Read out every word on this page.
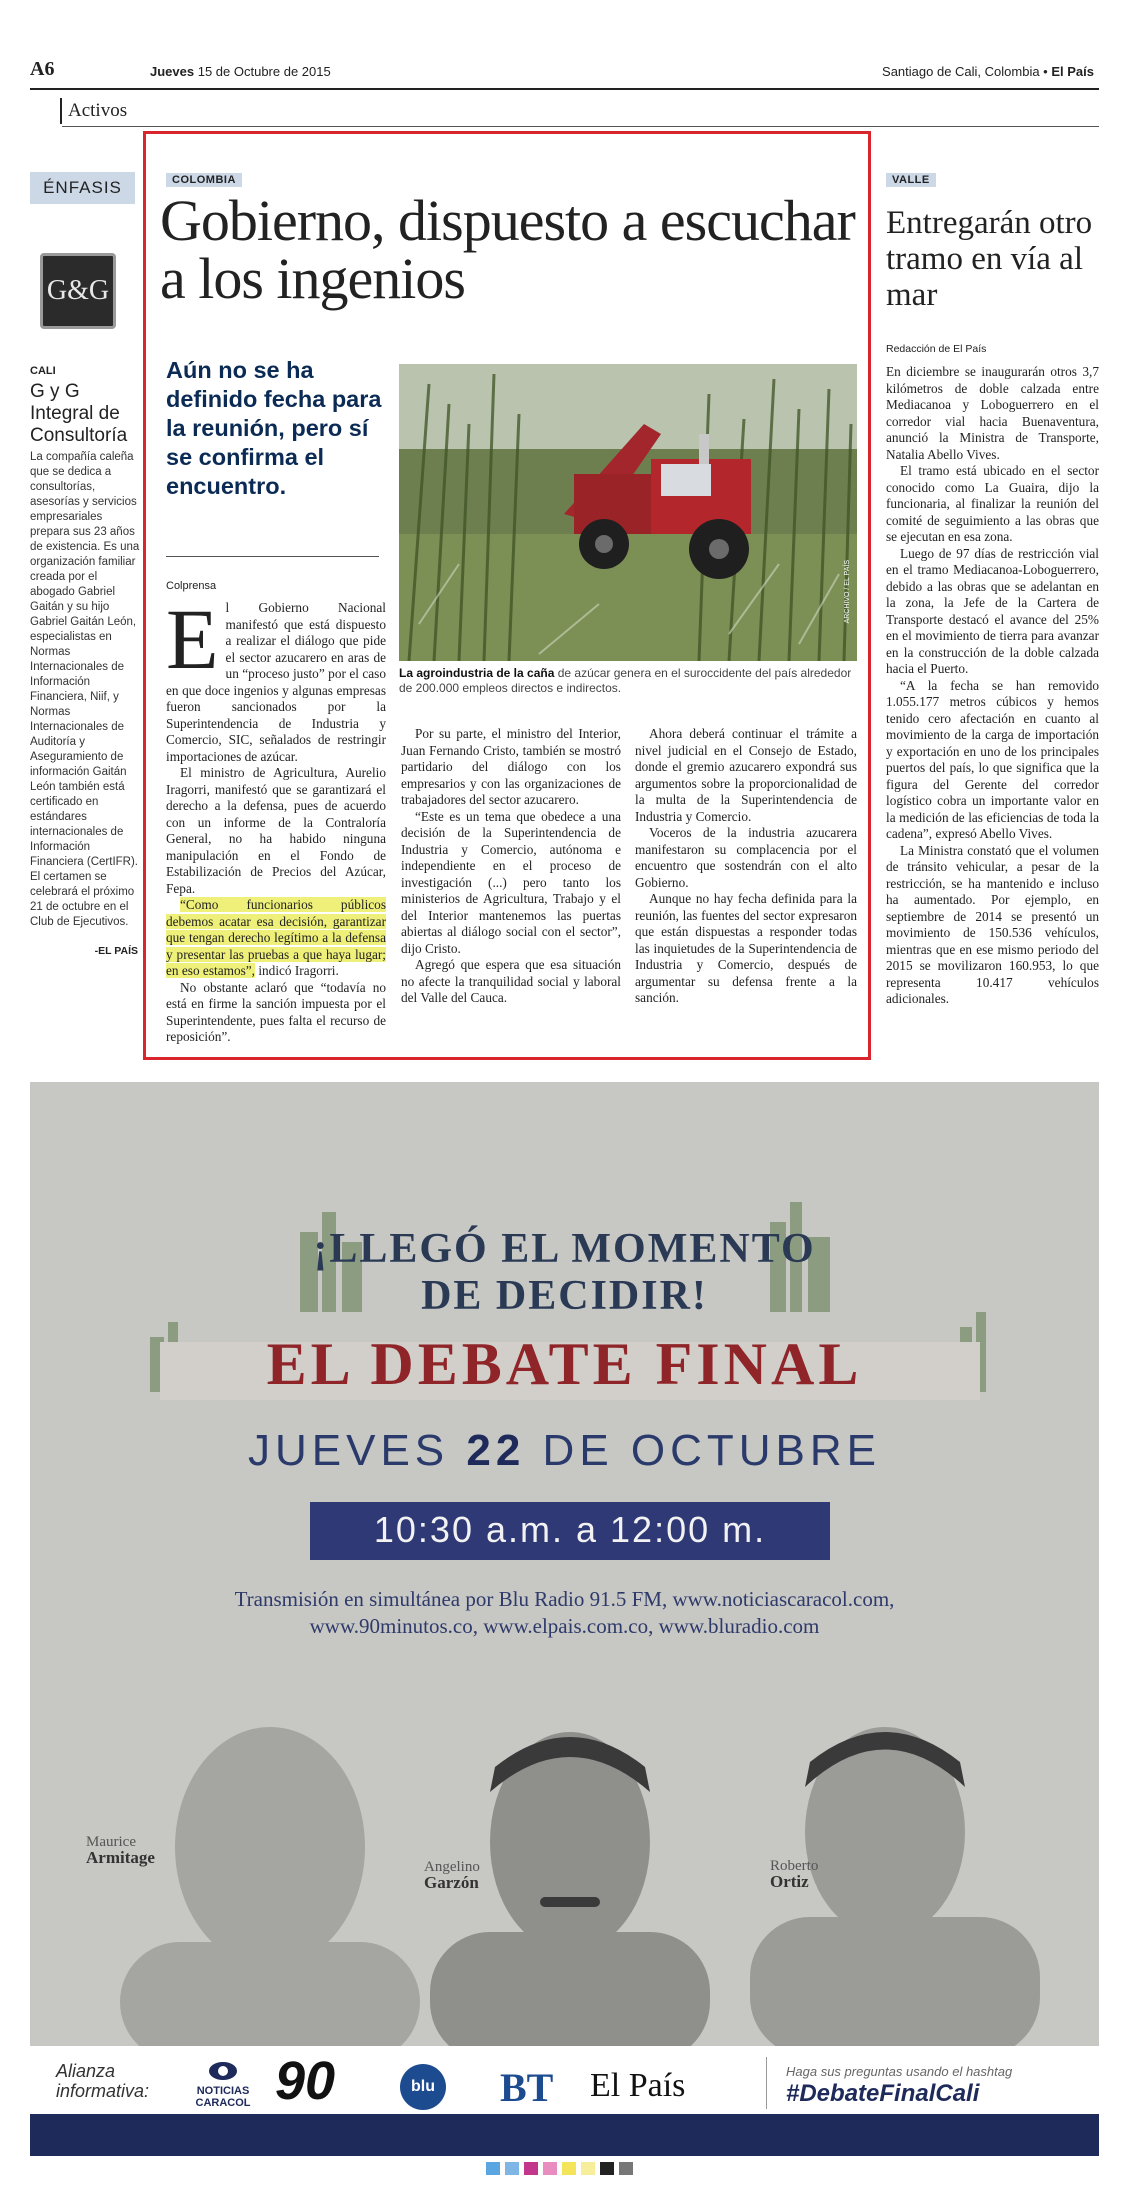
A6	Jueves 15 de Octubre de 2015	Santiago de Cali, Colombia • El País
Activos
ÉNFASIS
G&G
CALI
G y G Integral de Consultoría
La compañía caleña que se dedica a consultorías, asesorías y servicios empresariales prepara sus 23 años de existencia. Es una organización familiar creada por el abogado Gabriel Gaitán y su hijo Gabriel Gaitán León, especialistas en Normas Internacionales de Información Financiera, Niif, y Normas Internacionales de Auditoría y Aseguramiento de información Gaitán León también está certificado en estándares internacionales de Información Financiera (CertIFR). El certamen se celebrará el próximo 21 de octubre en el Club de Ejecutivos.
-EL PAÍS
COLOMBIA
Gobierno, dispuesto a escuchar a los ingenios
Aún no se ha definido fecha para la reunión, pero sí se confirma el encuentro.
Colprensa	ARCHIVO / EL PAÍS
La agroindustria de la caña de azúcar genera en el suroccidente del país alrededor de 200.000 empleos directos e indirectos.
E l Gobierno Nacional manifestó que está dispuesto a realizar el diálogo que pide el sector azucarero en aras de un “proceso justo” por el caso en que doce ingenios y algunas empresas fueron sancionados por la Superintendencia de Industria y Comercio, SIC, señalados de restringir importaciones de azúcar.

El ministro de Agricultura, Aurelio Iragorri, manifestó que se garantizará el derecho a la defensa, pues de acuerdo con un informe de la Contraloría General, no ha habido ninguna manipulación en el Fondo de Estabilización de Precios del Azúcar, Fepa.

“Como funcionarios públicos debemos acatar esa decisión, garantizar que tengan derecho legítimo a la defensa y presentar las pruebas a que haya lugar; en eso estamos”, indicó Iragorri.

No obstante aclaró que “todavía no está en firme la sanción impuesta por el Superintendente, pues falta el recurso de reposición”.

Por su parte, el ministro del Interior, Juan Fernando Cristo, también se mostró partidario del diálogo con los empresarios y con las organizaciones de trabajadores del sector azucarero.

“Este es un tema que obedece a una decisión de la Superintendencia de Industria y Comercio, autónoma e independiente en el proceso de investigación (...) pero tanto los ministerios de Agricultura, Trabajo y el del Interior mantenemos las puertas abiertas al diálogo social con el sector”, dijo Cristo.

Agregó que espera que esa situación no afecte la tranquilidad social y laboral del Valle del Cauca.

Ahora deberá continuar el trámite a nivel judicial en el Consejo de Estado, donde el gremio azucarero expondrá sus argumentos sobre la proporcionalidad de la multa de la Superintendencia de Industria y Comercio.

Voceros de la industria azucarera manifestaron su complacencia por el encuentro que sostendrán con el alto Gobierno.

Aunque no hay fecha definida para la reunión, las fuentes del sector expresaron que están dispuestas a responder todas las inquietudes de la Superintendencia de Industria y Comercio, después de argumentar su defensa frente a la sanción.

VALLE
Entregarán otro tramo en vía al mar
Redacción de El País

En diciembre se inaugurarán otros 3,7 kilómetros de doble calzada entre Mediacanoa y Loboguerrero en el corredor vial hacia Buenaventura, anunció la Ministra de Transporte, Natalia Abello Vives.

El tramo está ubicado en el sector conocido como La Guaira, dijo la funcionaria, al finalizar la reunión del comité de seguimiento a las obras que se ejecutan en esa zona.

Luego de 97 días de restricción vial en el tramo Mediacanoa-Loboguerrero, debido a las obras que se adelantan en la zona, la Jefe de la Cartera de Transporte destacó el avance del 25% en el movimiento de tierra para avanzar en la construcción de la doble calzada hacia el Puerto.

“A la fecha se han removido 1.055.177 metros cúbicos y hemos tenido cero afectación en cuanto al movimiento de la carga de importación y exportación en uno de los principales puertos del país, lo que significa que la figura del Gerente del corredor logístico cobra un importante valor en la medición de las eficiencias de toda la cadena”, expresó Abello Vives.

La Ministra constató que el volumen de tránsito vehicular, a pesar de la restricción, se ha mantenido e incluso ha aumentado. Por ejemplo, en septiembre de 2014 se presentó un movimiento de 150.536 vehículos, mientras que en ese mismo periodo del 2015 se movilizaron 160.953, lo que representa 10.417 vehículos adicionales.

¡LLEGÓ EL MOMENTO
DE DECIDIR!
EL DEBATE FINAL
JUEVES 22 DE OCTUBRE
10:30 a.m. a 12:00 m.
Transmisión en simultánea por Blu Radio 91.5 FM, www.noticiascaracol.com,
www.90minutos.co, www.elpais.com.co, www.bluradio.com
Maurice
Armitage	Angelino
Garzón
Roberto
Ortiz
Alianza informativa:	NOTICIAS CARACOL 90	blu BT El País	Haga sus preguntas usando el hashtag
#DebateFinalCali
